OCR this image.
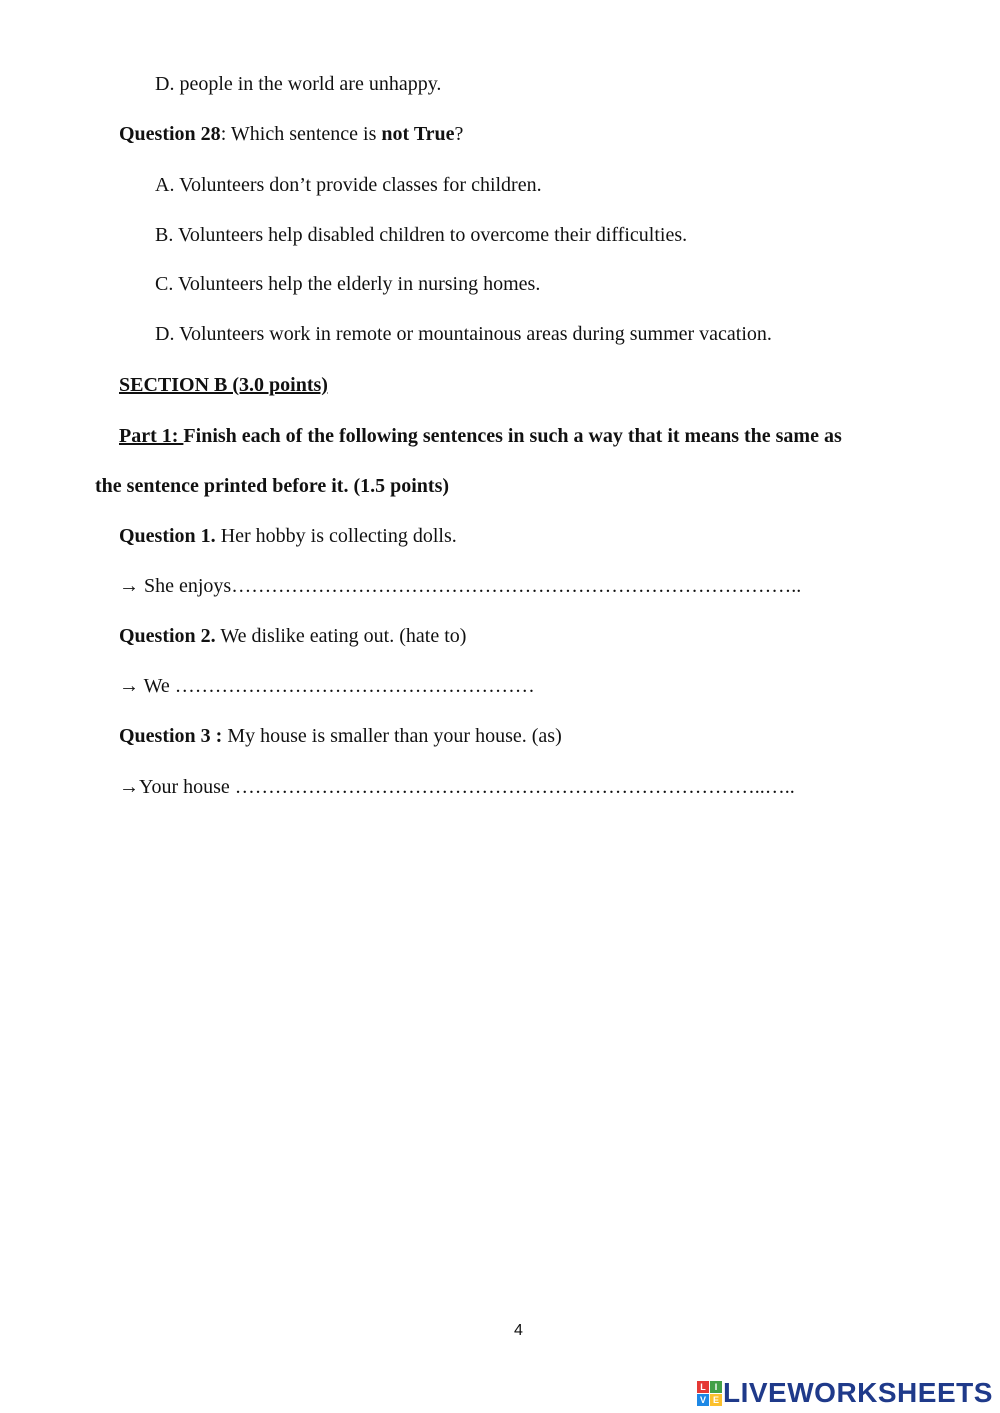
D. people in the world are unhappy.
Question 28: Which sentence is not True?
A. Volunteers don’t provide classes for children.
B. Volunteers help disabled children to overcome their difficulties.
C. Volunteers help the elderly in nursing homes.
D. Volunteers work in remote or mountainous areas during summer vacation.
SECTION B (3.0 points)
Part 1: Finish each of the following sentences in such a way that it means the same as
the sentence printed before it. (1.5 points)
Question 1. Her hobby is collecting dolls.
→ She enjoys…………………………………………………………………………..
Question 2. We dislike eating out. (hate to)
→ We ………………………………………………
Question 3 : My house is smaller than your house. (as)
→Your house ……………………………………………………………………..…..
4
L I
V E LIVEWORKSHEETS
